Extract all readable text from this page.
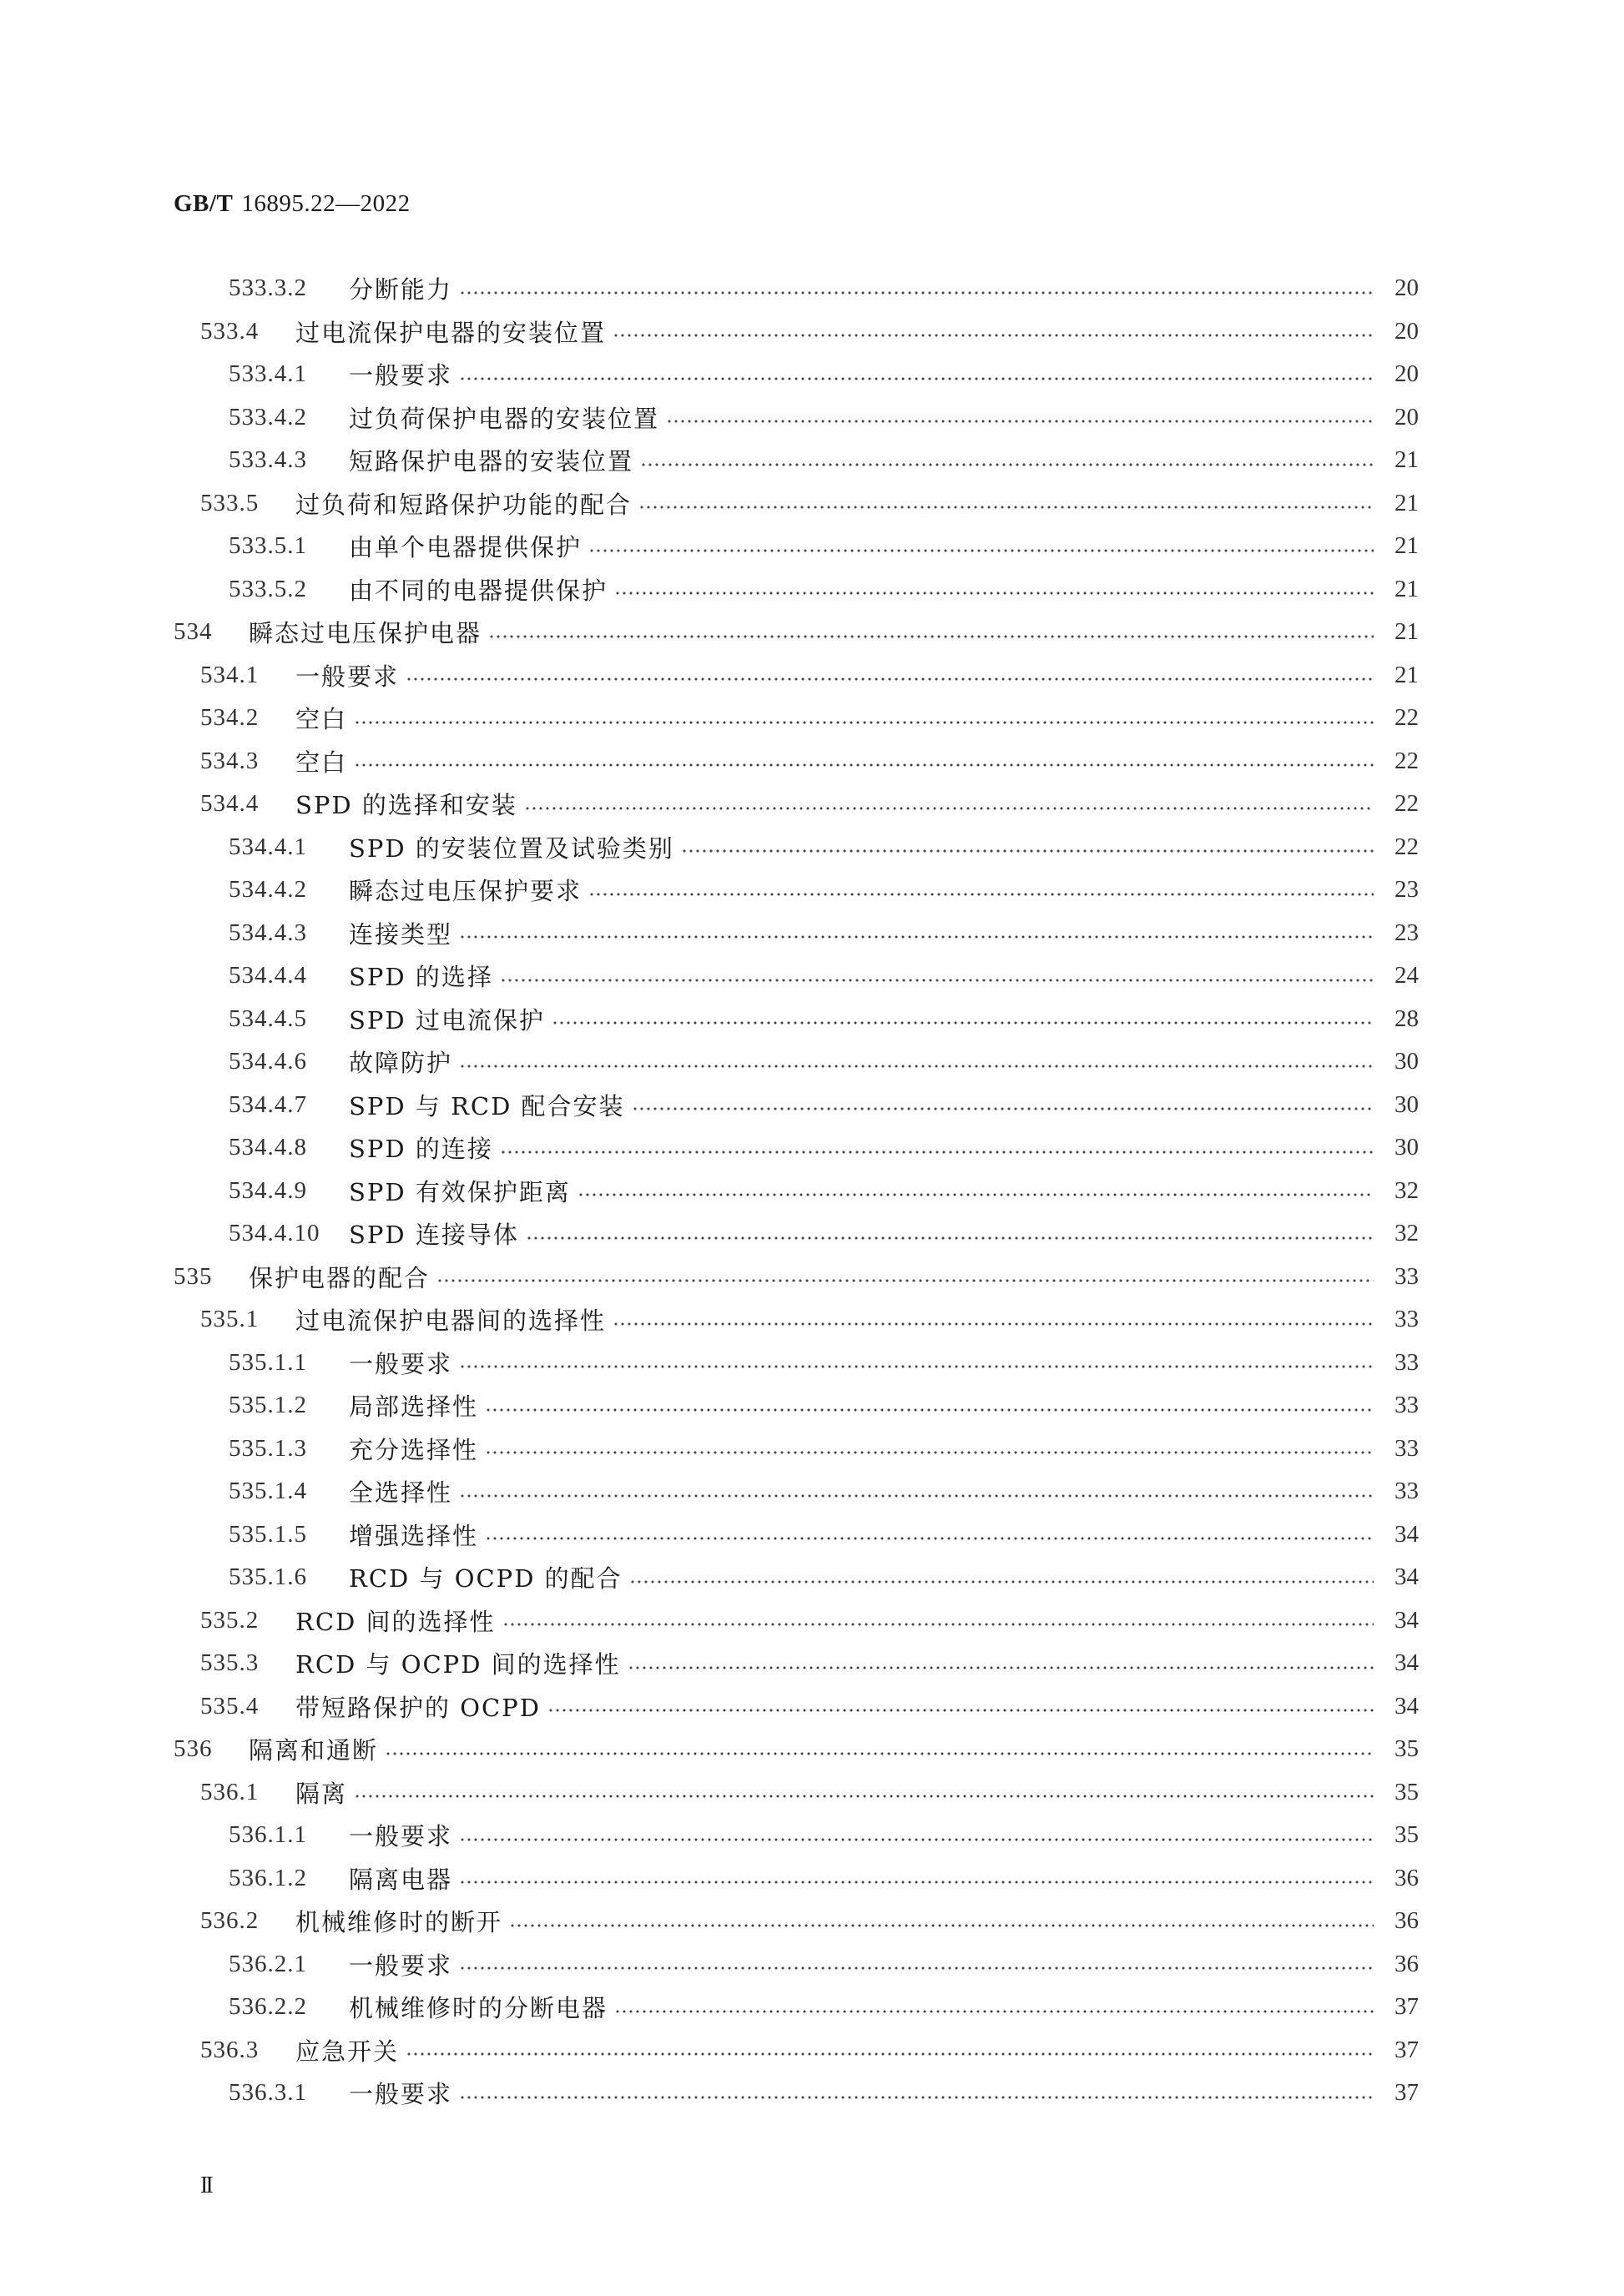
GB/T 16895.22—2022
533.3.2	分断能力	20
533.4	过电流保护电器的安装位置	20
533.4.1	一般要求	20
533.4.2	过负荷保护电器的安装位置	20
533.4.3	短路保护电器的安装位置	21
533.5	过负荷和短路保护功能的配合	21
533.5.1	由单个电器提供保护	21
533.5.2	由不同的电器提供保护	21
534	瞬态过电压保护电器	21
534.1	一般要求	21
534.2	空白	22
534.3	空白	22
534.4	SPD 的选择和安装	22
534.4.1	SPD 的安装位置及试验类别	22
534.4.2	瞬态过电压保护要求	23
534.4.3	连接类型	23
534.4.4	SPD 的选择	24
534.4.5	SPD 过电流保护	28
534.4.6	故障防护	30
534.4.7	SPD 与 RCD 配合安装	30
534.4.8	SPD 的连接	30
534.4.9	SPD 有效保护距离	32
534.4.10	SPD 连接导体	32
535	保护电器的配合	33
535.1	过电流保护电器间的选择性	33
535.1.1	一般要求	33
535.1.2	局部选择性	33
535.1.3	充分选择性	33
535.1.4	全选择性	33
535.1.5	增强选择性	34
535.1.6	RCD 与 OCPD 的配合	34
535.2	RCD 间的选择性	34
535.3	RCD 与 OCPD 间的选择性	34
535.4	带短路保护的 OCPD	34
536	隔离和通断	35
536.1	隔离	35
536.1.1	一般要求	35
536.1.2	隔离电器	36
536.2	机械维修时的断开	36
536.2.1	一般要求	36
536.2.2	机械维修时的分断电器	37
536.3	应急开关	37
536.3.1	一般要求	37
II
